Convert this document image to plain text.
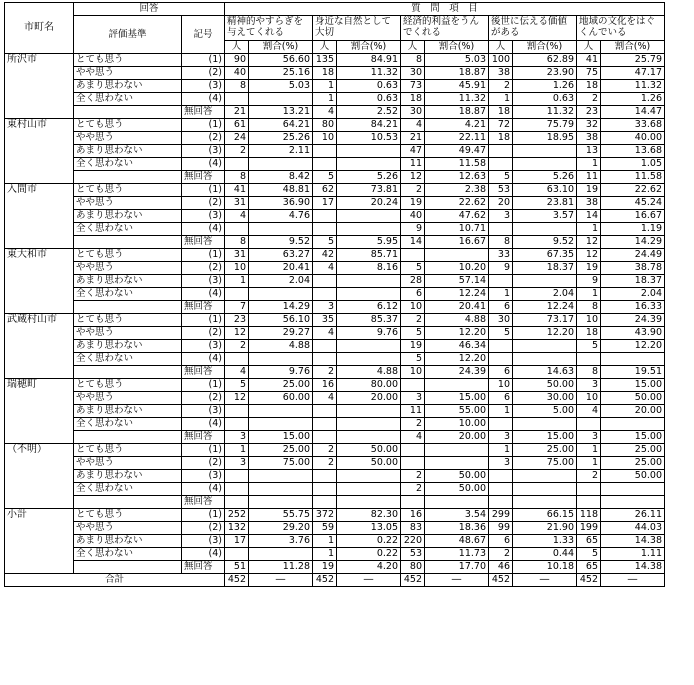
市町名	回答		質　問　項　目									
	評価基準	記号	精神的やすらぎを与えてくれる		身近な自然として大切		経済的利益をうんでくれる		後世に伝える価値がある		地域の文化をはぐくんでいる	

			人	割合(%)	人	割合(%)	人	割合(%)	人	割合(%)	人	割合(%)
所沢市	とても思う	(1)	90	56.60	135	84.91	8	5.03	100	62.89	41	25.79
	やや思う	(2)	40	25.16	18	11.32	30	18.87	38	23.90	75	47.17
	あまり思わない	(3)	8	5.03	1	0.63	73	45.91	2	1.26	18	11.32
	全く思わない	(4)			1	0.63	18	11.32	1	0.63	2	1.26
		無回答	21	13.21	4	2.52	30	18.87	18	11.32	23	14.47
東村山市	とても思う	(1)	61	64.21	80	84.21	4	4.21	72	75.79	32	33.68
	やや思う	(2)	24	25.26	10	10.53	21	22.11	18	18.95	38	40.00
	あまり思わない	(3)	2	2.11			47	49.47			13	13.68
	全く思わない	(4)					11	11.58			1	1.05
		無回答	8	8.42	5	5.26	12	12.63	5	5.26	11	11.58
入間市	とても思う	(1)	41	48.81	62	73.81	2	2.38	53	63.10	19	22.62
	やや思う	(2)	31	36.90	17	20.24	19	22.62	20	23.81	38	45.24
	あまり思わない	(3)	4	4.76			40	47.62	3	3.57	14	16.67
	全く思わない	(4)					9	10.71			1	1.19
		無回答	8	9.52	5	5.95	14	16.67	8	9.52	12	14.29
東大和市	とても思う	(1)	31	63.27	42	85.71			33	67.35	12	24.49
	やや思う	(2)	10	20.41	4	8.16	5	10.20	9	18.37	19	38.78
	あまり思わない	(3)	1	2.04			28	57.14			9	18.37
	全く思わない	(4)					6	12.24	1	2.04	1	2.04
		無回答	7	14.29	3	6.12	10	20.41	6	12.24	8	16.33
武蔵村山市	とても思う	(1)	23	56.10	35	85.37	2	4.88	30	73.17	10	24.39
	やや思う	(2)	12	29.27	4	9.76	5	12.20	5	12.20	18	43.90
	あまり思わない	(3)	2	4.88			19	46.34			5	12.20
	全く思わない	(4)					5	12.20				
		無回答	4	9.76	2	4.88	10	24.39	6	14.63	8	19.51
瑞穂町	とても思う	(1)	5	25.00	16	80.00			10	50.00	3	15.00
	やや思う	(2)	12	60.00	4	20.00	3	15.00	6	30.00	10	50.00
	あまり思わない	(3)					11	55.00	1	5.00	4	20.00
	全く思わない	(4)					2	10.00				
		無回答	3	15.00			4	20.00	3	15.00	3	15.00
（不明）	とても思う	(1)	1	25.00	2	50.00			1	25.00	1	25.00
	やや思う	(2)	3	75.00	2	50.00			3	75.00	1	25.00
	あまり思わない	(3)					2	50.00			2	50.00
	全く思わない	(4)					2	50.00				
		無回答										
小計	とても思う	(1)	252	55.75	372	82.30	16	3.54	299	66.15	118	26.11
	やや思う	(2)	132	29.20	59	13.05	83	18.36	99	21.90	199	44.03
	あまり思わない	(3)	17	3.76	1	0.22	220	48.67	6	1.33	65	14.38
	全く思わない	(4)			1	0.22	53	11.73	2	0.44	5	1.11
		無回答	51	11.28	19	4.20	80	17.70	46	10.18	65	14.38
合計			452	―	452	―	452	―	452	―	452	―
